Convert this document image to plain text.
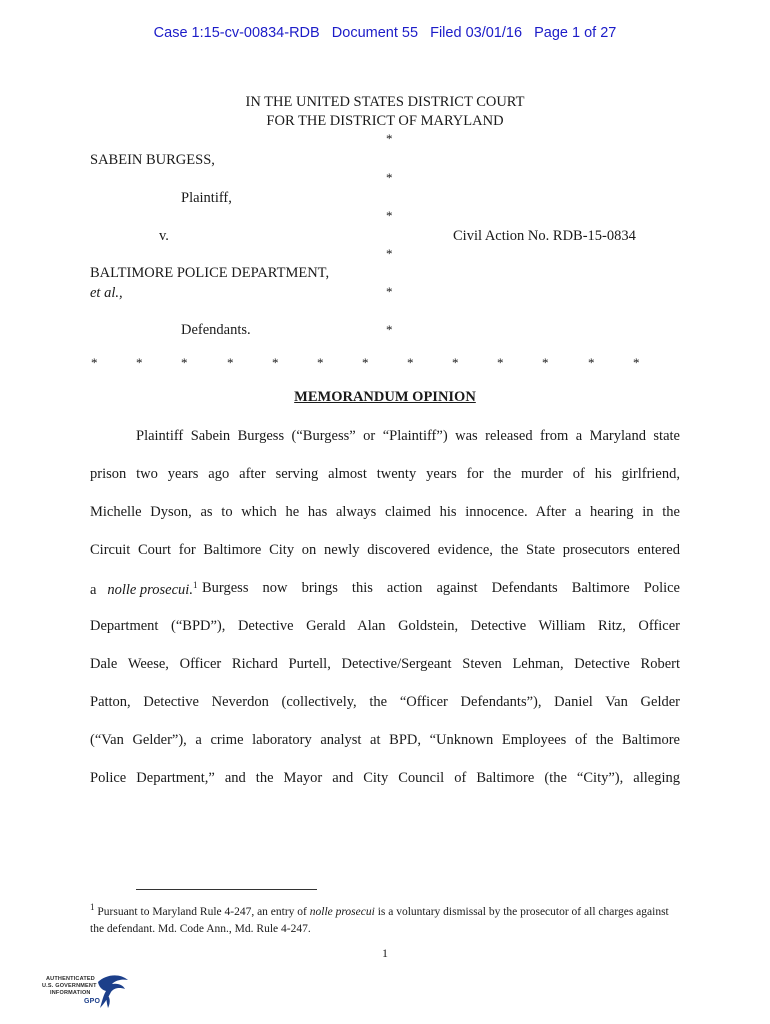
Case 1:15-cv-00834-RDB   Document 55   Filed 03/01/16   Page 1 of 27
IN THE UNITED STATES DISTRICT COURT
FOR THE DISTRICT OF MARYLAND
*
*
*
*
*
*
SABEIN BURGESS,
Plaintiff,
v.	Civil Action No. RDB-15-0834
BALTIMORE POLICE DEPARTMENT,
et al.,
Defendants.
*	*	*	*	*	*	*	*	*	*	*	*	*
MEMORANDUM OPINION
Plaintiff Sabein Burgess (“Burgess” or “Plaintiff”) was released from a Maryland state
prison two years ago after serving almost twenty years for the murder of his girlfriend,
Michelle Dyson, as to which he has always claimed his innocence. After a hearing in the
Circuit Court for Baltimore City on newly discovered evidence, the State prosecutors entered
a nolle prosecui.$^1$ Burgess now brings this action against Defendants Baltimore Police
Department (“BPD”), Detective Gerald Alan Goldstein, Detective William Ritz, Officer
Dale Weese, Officer Richard Purtell, Detective/Sergeant Steven Lehman, Detective Robert
Patton, Detective Neverdon (collectively, the “Officer Defendants”), Daniel Van Gelder
(“Van Gelder”), a crime laboratory analyst at BPD, “Unknown Employees of the Baltimore
Police Department,” and the Mayor and City Council of Baltimore (the “City”), alleging
$^1$ Pursuant to Maryland Rule 4-247, an entry of nolle prosecui is a voluntary dismissal by the prosecutor of all charges against the defendant. Md. Code Ann., Md. Rule 4-247.
1
AUTHENTICATED
U.S. GOVERNMENT
INFORMATION
GPO
